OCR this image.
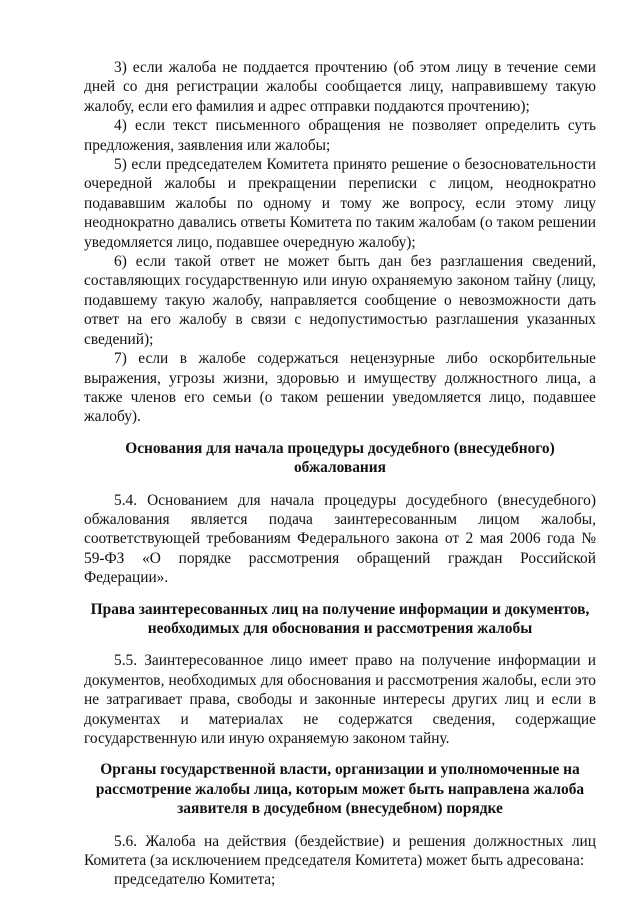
3) если жалоба не поддается прочтению (об этом лицу в течение семи дней со дня регистрации жалобы сообщается лицу, направившему такую жалобу, если его фамилия и адрес отправки поддаются прочтению);

4) если текст письменного обращения не позволяет определить суть предложения, заявления или жалобы;

5) если председателем Комитета принято решение о безосновательности очередной жалобы и прекращении переписки с лицом, неоднократно подававшим жалобы по одному и тому же вопросу, если этому лицу неоднократно давались ответы Комитета по таким жалобам (о таком решении уведомляется лицо, подавшее очередную жалобу);

6) если такой ответ не может быть дан без разглашения сведений, составляющих государственную или иную охраняемую законом тайну (лицу, подавшему такую жалобу, направляется сообщение о невозможности дать ответ на его жалобу в связи с недопустимостью разглашения указанных сведений);

7) если в жалобе содержаться нецензурные либо оскорбительные выражения, угрозы жизни, здоровью и имуществу должностного лица, а также членов его семьи (о таком решении уведомляется лицо, подавшее жалобу).

Основания для начала процедуры досудебного (внесудебного)
обжалования

5.4. Основанием для начала процедуры досудебного (внесудебного) обжалования является подача заинтересованным лицом жалобы, соответствующей требованиям Федерального закона от 2 мая 2006 года № 59-ФЗ «О порядке рассмотрения обращений граждан Российской Федерации».

Права заинтересованных лиц на получение информации и документов,
необходимых для обоснования и рассмотрения жалобы

5.5. Заинтересованное лицо имеет право на получение информации и документов, необходимых для обоснования и рассмотрения жалобы, если это не затрагивает права, свободы и законные интересы других лиц и если в документах и материалах не содержатся сведения, содержащие государственную или иную охраняемую законом тайну.

Органы государственной власти, организации и уполномоченные на
рассмотрение жалобы лица, которым может быть направлена жалоба
заявителя в досудебном (внесудебном) порядке

5.6. Жалоба на действия (бездействие) и решения должностных лиц Комитета (за исключением председателя Комитета) может быть адресована:

председателю Комитета;
